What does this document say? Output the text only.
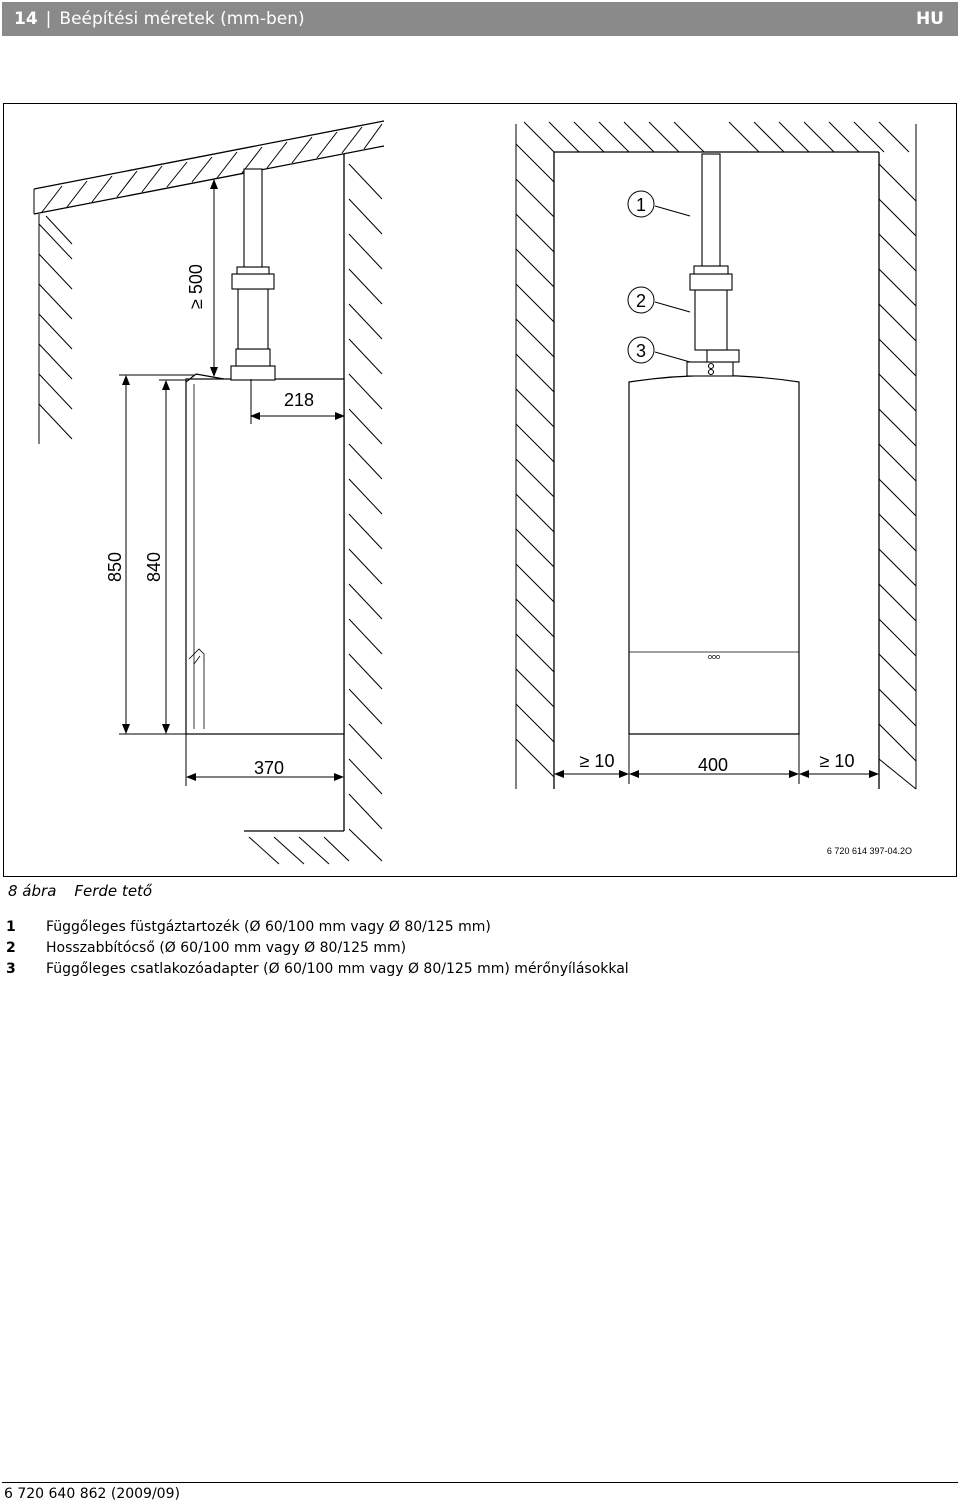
14 | Beépítési méretek (mm-ben)	HU
≥ 500
218
850 840
370
1
2
3
≥ 10	400	≥ 10
6 720 614 397-04.2O
8 ábra Ferde tető
1	Függőleges füstgáztartozék (Ø 60/100 mm vagy Ø 80/125 mm)
2	Hosszabbítócső (Ø 60/100 mm vagy Ø 80/125 mm)
3	Függőleges csatlakozóadapter (Ø 60/100 mm vagy Ø 80/125 mm) mérőnyílásokkal
6 720 640 862 (2009/09)
